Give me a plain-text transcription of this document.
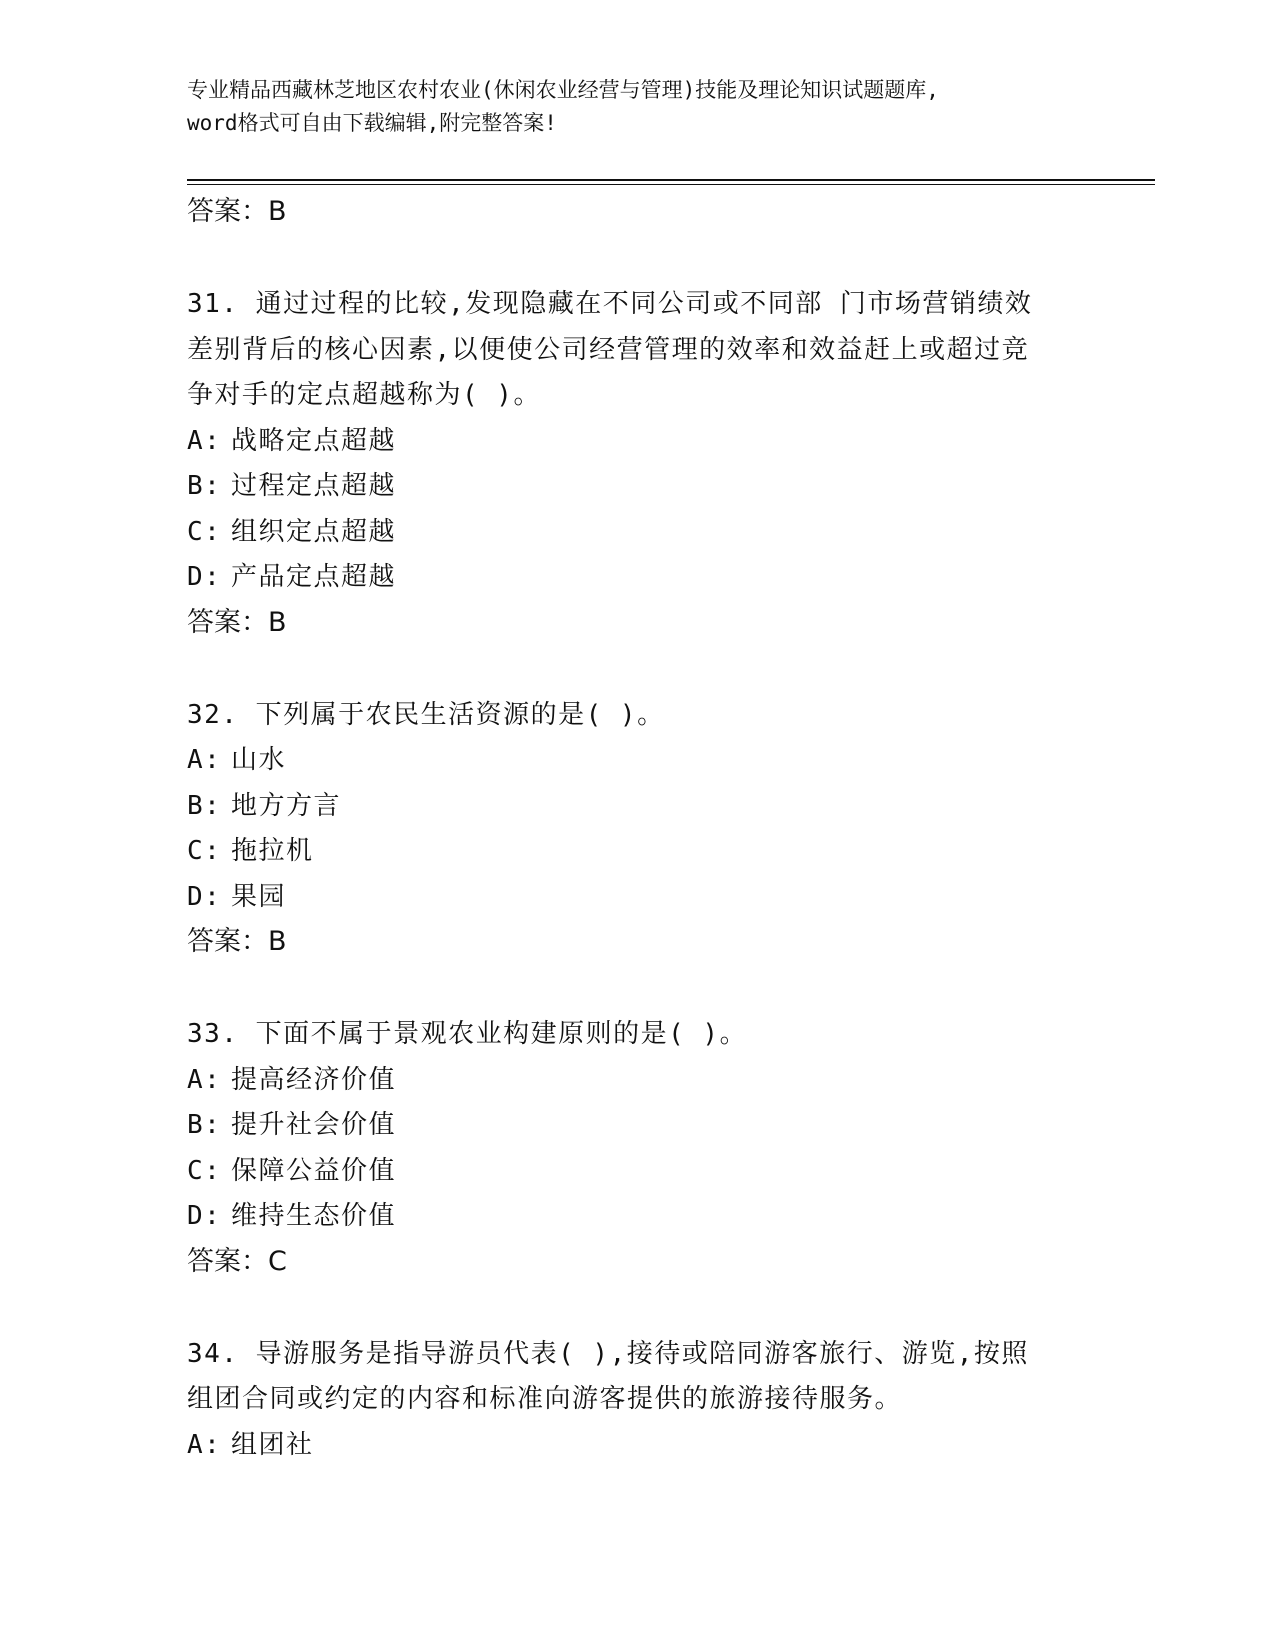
专业精品西藏林芝地区农村农业(休闲农业经营与管理)技能及理论知识试题题库,
word格式可自由下载编辑,附完整答案!
答案：B
31. 通过过程的比较,发现隐藏在不同公司或不同部 门市场营销绩效
差别背后的核心因素,以便使公司经营管理的效率和效益赶上或超过竞
争对手的定点超越称为( )。
A: 战略定点超越
B: 过程定点超越
C: 组织定点超越
D: 产品定点超越
答案：B
32. 下列属于农民生活资源的是( )。
A: 山水
B: 地方方言
C: 拖拉机
D: 果园
答案：B
33. 下面不属于景观农业构建原则的是( )。
A: 提高经济价值
B: 提升社会价值
C: 保障公益价值
D: 维持生态价值
答案：C
34. 导游服务是指导游员代表( ),接待或陪同游客旅行、游览,按照
组团合同或约定的内容和标准向游客提供的旅游接待服务。
A: 组团社
